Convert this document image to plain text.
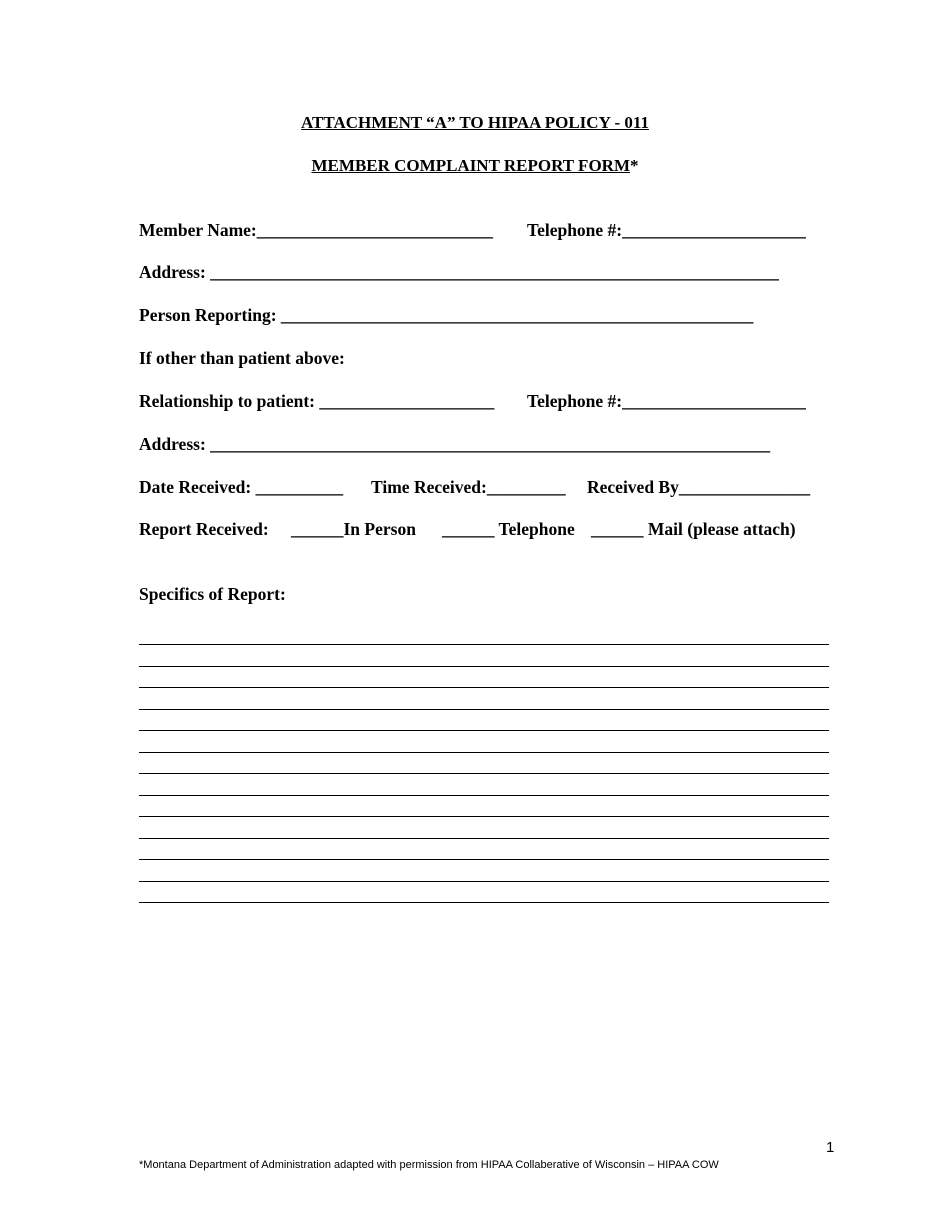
ATTACHMENT “A” TO HIPAA POLICY - 011
MEMBER COMPLAINT REPORT FORM*
Member Name:___________________________ Telephone #:_____________________
Address: _________________________________________________________________
Person Reporting: ______________________________________________________
If other than patient above:
Relationship to patient: ____________________ Telephone #:_____________________
Address: ________________________________________________________________
Date Received: __________ Time Received:_________ Received By_______________
Report Received: ______In Person ______ Telephone ______ Mail (please attach)
Specifics of Report:
1
*Montana Department of Administration adapted with permission from HIPAA Collaberative of Wisconsin – HIPAA COW
